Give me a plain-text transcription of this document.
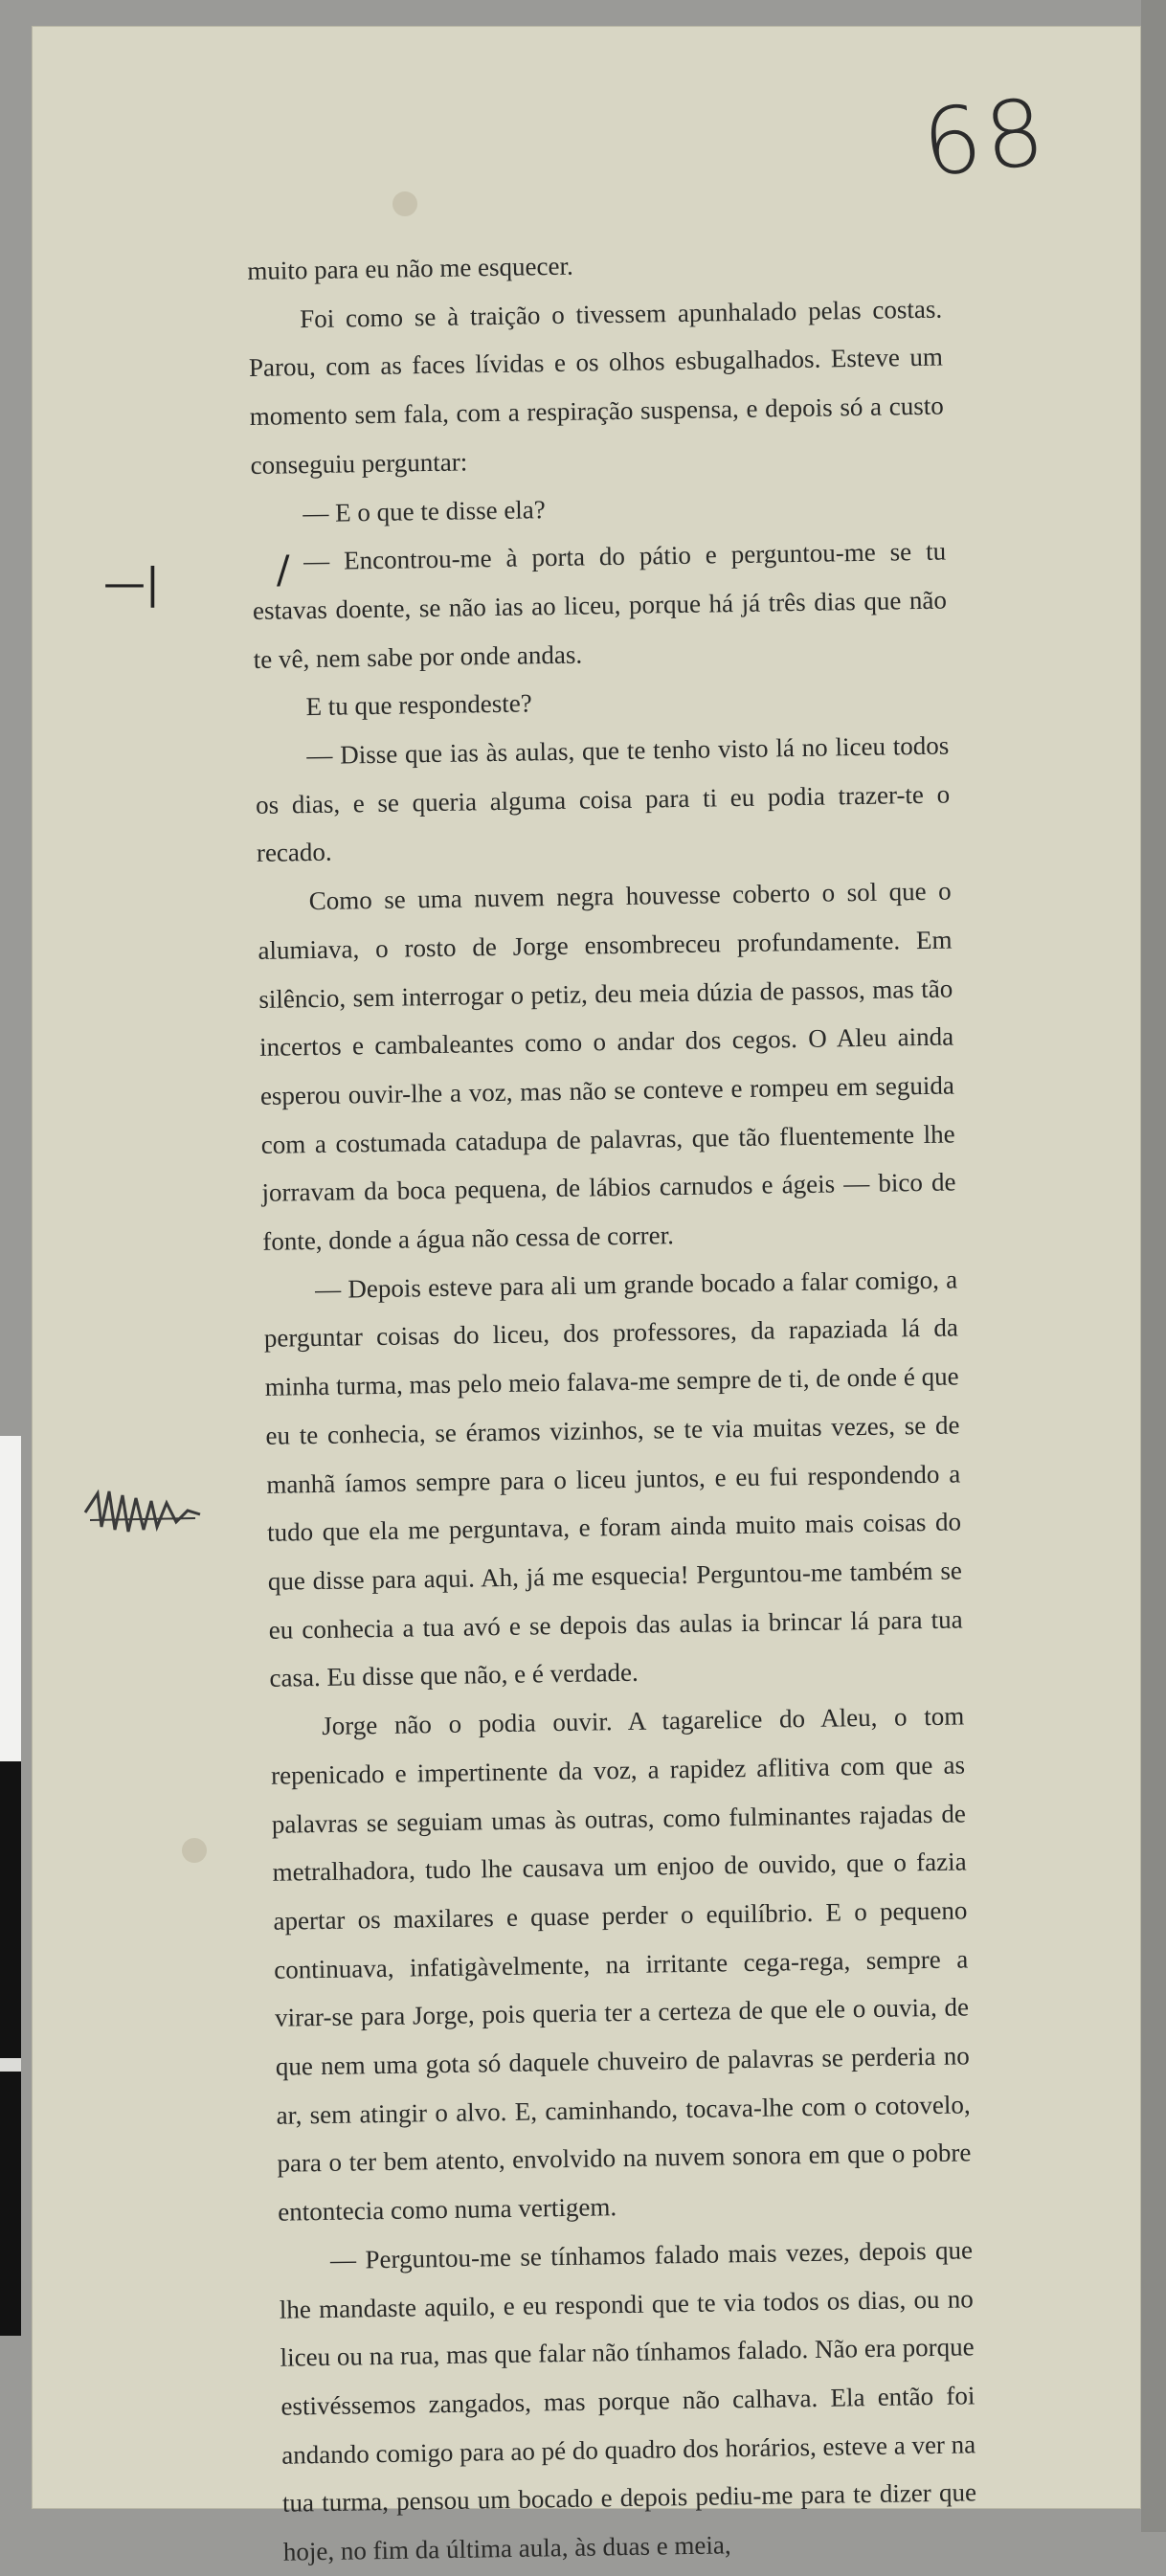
68
—|

muito para eu não me esquecer.

Foi como se à traição o tivessem apunhalado pelas costas. Parou, com as faces lívidas e os olhos esbugalhados. Esteve um momento sem fala, com a respiração suspensa, e depois só a custo conseguiu perguntar:

— E o que te disse ela?

— Encontrou-me à porta do pátio e perguntou-me se tu estavas doente, se não ias ao liceu, porque há já três dias que não te vê, nem sabe por onde andas.

E tu que respondeste?

— Disse que ias às aulas, que te tenho visto lá no liceu todos os dias, e se queria alguma coisa para ti eu podia trazer-te o recado.

Como se uma nuvem negra houvesse coberto o sol que o alumiava, o rosto de Jorge ensombreceu profundamente. Em silêncio, sem interrogar o petiz, deu meia dúzia de passos, mas tão incertos e cambaleantes como o andar dos cegos. O Aleu ainda esperou ouvir-lhe a voz, mas não se conteve e rompeu em seguida com a costumada catadupa de palavras, que tão fluentemente lhe jorravam da boca pequena, de lábios carnudos e ágeis — bico de fonte, donde a água não cessa de correr.

— Depois esteve para ali um grande bocado a falar comigo, a perguntar coisas do liceu, dos professores, da rapaziada lá da minha turma, mas pelo meio falava-me sempre de ti, de onde é que eu te conhecia, se éramos vizinhos, se te via muitas vezes, se de manhã íamos sempre para o liceu juntos, e eu fui respondendo a tudo que ela me perguntava, e foram ainda muito mais coisas do que disse para aqui. Ah, já me esquecia! Perguntou-me também se eu conhecia a tua avó e se depois das aulas ia brincar lá para tua casa. Eu disse que não, e é verdade.

Jorge não o podia ouvir. A tagarelice do Aleu, o tom repenicado e impertinente da voz, a rapidez aflitiva com que as palavras se seguiam umas às outras, como fulminantes rajadas de metralhadora, tudo lhe causava um enjoo de ouvido, que o fazia apertar os maxilares e quase perder o equilíbrio. E o pequeno continuava, infatigàvelmente, na irritante cega-rega, sempre a virar-se para Jorge, pois queria ter a certeza de que ele o ouvia, de que nem uma gota só daquele chuveiro de palavras se perderia no ar, sem atingir o alvo. E, caminhando, tocava-lhe com o cotovelo, para o ter bem atento, envolvido na nuvem sonora em que o pobre entontecia como numa vertigem.

— Perguntou-me se tínhamos falado mais vezes, depois que lhe mandaste aquilo, e eu respondi que te via todos os dias, ou no liceu ou na rua, mas que falar não tínhamos falado. Não era porque estivéssemos zangados, mas porque não calhava. Ela então foi andando comigo para ao pé do quadro dos horários, esteve a ver na tua turma, pensou um bocado e depois pediu-me para te dizer que hoje, no fim da última aula, às duas e meia,

/
